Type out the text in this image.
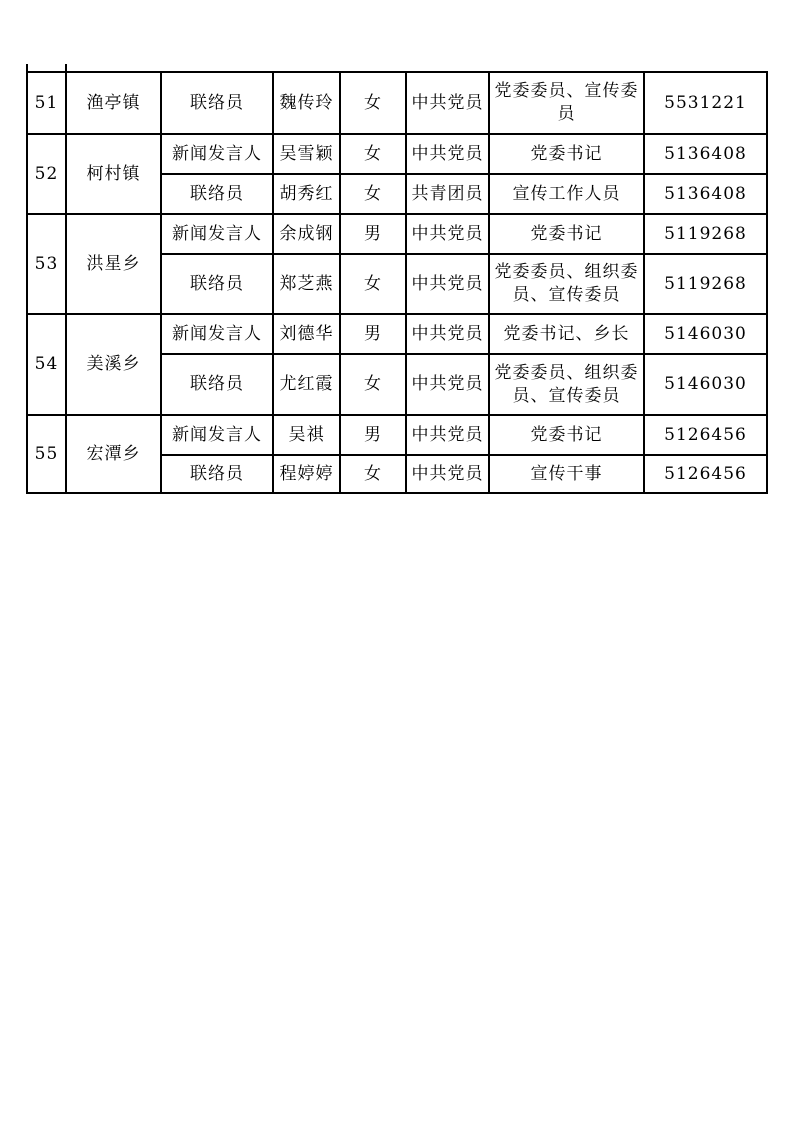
51	渔亭镇	联络员	魏传玲	女	中共党员	党委委员、宣传委员	5531221
52	柯村镇	新闻发言人	吴雪颖	女	中共党员	党委书记	5136408
		联络员	胡秀红	女	共青团员	宣传工作人员	5136408
53	洪星乡	新闻发言人	余成钢	男	中共党员	党委书记	5119268
		联络员	郑芝燕	女	中共党员	党委委员、组织委员、宣传委员	5119268
54	美溪乡	新闻发言人	刘德华	男	中共党员	党委书记、乡长	5146030
		联络员	尤红霞	女	中共党员	党委委员、组织委员、宣传委员	5146030
55	宏潭乡	新闻发言人	吴祺	男	中共党员	党委书记	5126456
		联络员	程婷婷	女	中共党员	宣传干事	5126456
